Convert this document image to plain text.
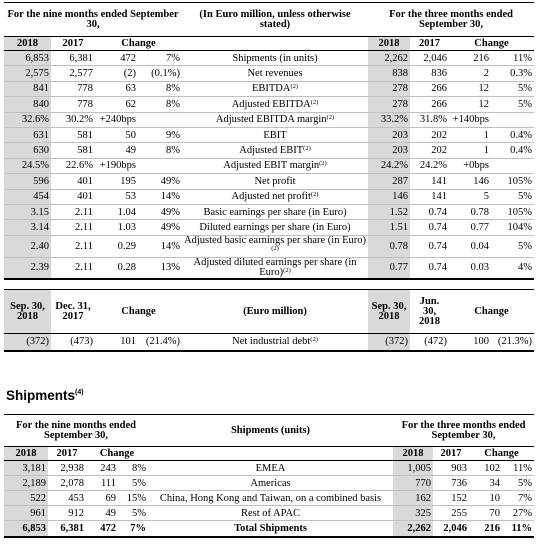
For the nine months ended September 30,				(In Euro million, unless otherwise stated)	For the three months ended September 30,			
2018	2017	Change			2018	2017	Change	
6,853	6,381	472	7%	Shipments (in units)	2,262	2,046	216	11%
2,575	2,577	(2)	(0.1%)	Net revenues	838	836	2	0.3%
841	778	63	8%	EBITDA$^{(2)}$	278	266	12	5%
840	778	62	8%	Adjusted EBITDA$^{(2)}$	278	266	12	5%
32.6%	30.2%	+240bps		Adjusted EBITDA margin$^{(2)}$	33.2%	31.8%	+140bps	
631	581	50	9%	EBIT	203	202	1	0.4%
630	581	49	8%	Adjusted EBIT$^{(2)}$	203	202	1	0.4%
24.5%	22.6%	+190bps		Adjusted EBIT margin$^{(2)}$	24.2%	24.2%	+0bps	
596	401	195	49%	Net profit	287	141	146	105%
454	401	53	14%	Adjusted net profit$^{(2)}$	146	141	5	5%
3.15	2.11	1.04	49%	Basic earnings per share (in Euro)	1.52	0.74	0.78	105%
3.14	2.11	1.03	49%	Diluted earnings per share (in Euro)	1.51	0.74	0.77	104%
2.40	2.11	0.29	14%	Adjusted basic earnings per share (in Euro)$^{(2)}$	0.78	0.74	0.04	5%
2.39	2.11	0.28	13%	Adjusted diluted earnings per share (in Euro)$^{(2)}$	0.77	0.74	0.03	4%
Sep. 30, 2018	Dec. 31, 2017	Change		(Euro million)	Sep. 30, 2018	Jun. 30, 2018	Change	
(372)	(473)	101	(21.4%)	Net industrial debt$^{(2)}$	(372)	(472)	100	(21.3%)
Shipments$^{(4)}$
For the nine months ended September 30,				Shipments (units)	For the three months ended September 30,			
2018	2017	Change			2018	2017	Change	
3,181	2,938	243	8%	EMEA	1,005	903	102	11%
2,189	2,078	111	5%	Americas	770	736	34	5%
522	453	69	15%	China, Hong Kong and Taiwan, on a combined basis	162	152	10	7%
961	912	49	5%	Rest of APAC	325	255	70	27%
6,853	6,381	472	7%	Total Shipments	2,262	2,046	216	11%
